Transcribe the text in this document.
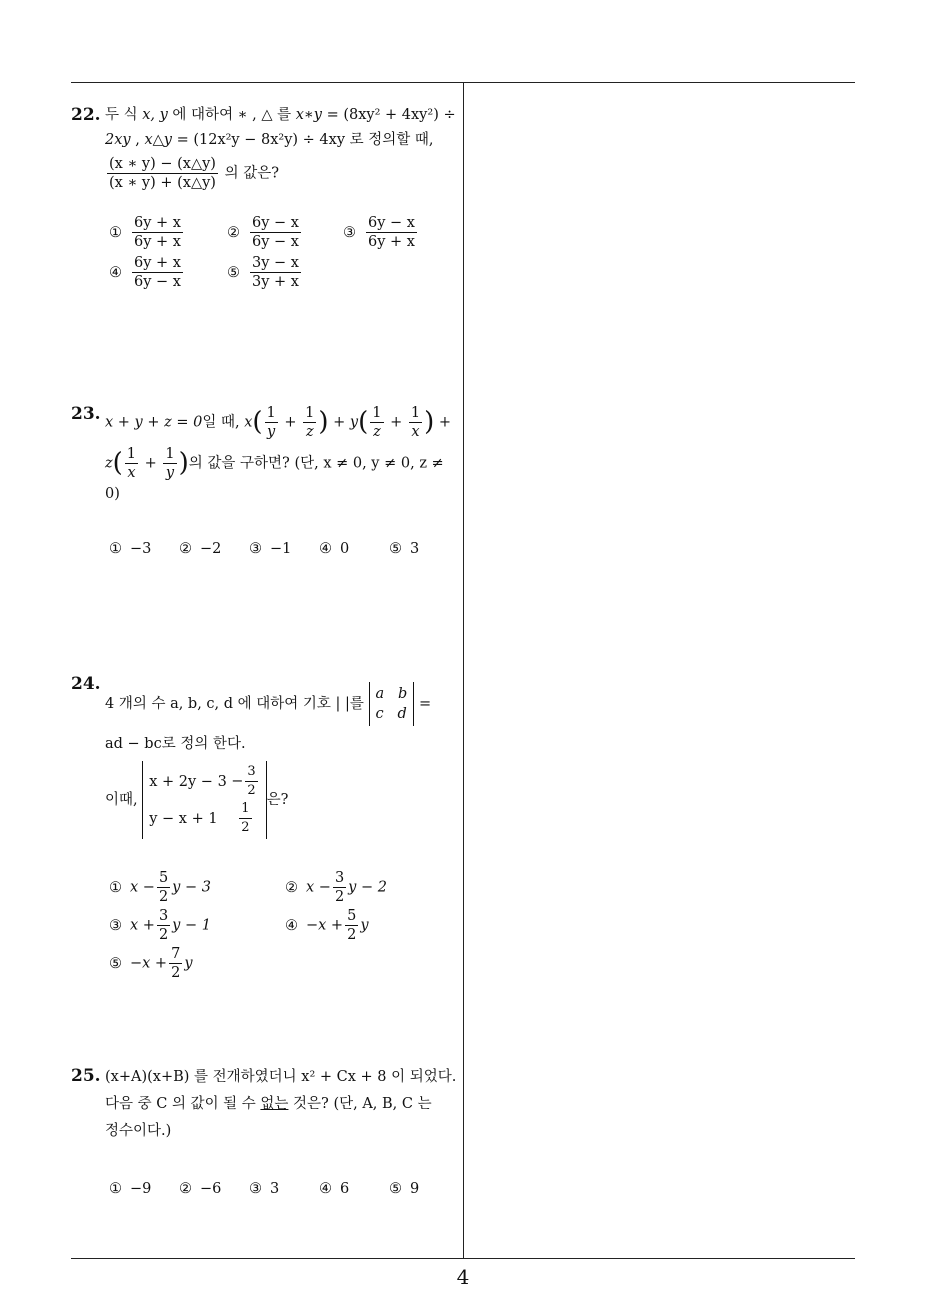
22. 두 식 x, y 에 대하여 ∗ , △ 를 x∗y = (8xy² + 4xy²) ÷
2xy , x△y = (12x²y − 8x²y) ÷ 4xy 로 정의할 때,
$\frac{(x ∗ y) - (x\triangle y)}{(x ∗ y) + (x\triangle y)}$ 의 값은?
① $\frac{6y + x}{6y + x}$	② $\frac{6y - x}{6y - x}$	③ $\frac{6y - x}{6y + x}$
④ $\frac{6y + x}{6y - x}$	⑤ $\frac{3y - x}{3y + x}$
23. x + y + z = 0일 때, $x( \frac{1}{y} + \frac{1}{z}$ ) + $y( \frac{1}{z} + \frac{1}{x}$ ) +
$z( \frac{1}{x} + \frac{1}{y}$ )의 값을 구하면? (단, x ≠ 0, y ≠ 0, z ≠
0)
① −3 ② −2 ③ −1 ④ 0	⑤ 3
24.
4 개의 수 a, b, c, d 에 대하여 기호 | |를 a b
c d =
ad − bc로 정의 한다.
이때, $x + 2y - 3 - \frac{3}{2}$

$y - x + 1 \frac{1}{2}$ 은?
① $x - \frac{5}{2}$ y − 3	② $x - \frac{3}{2}$ y − 2
③ $x + \frac{3}{2}$ y − 1	④ $-x + \frac{5}{2}$ y
⑤ $-x + \frac{7}{2}$ y
25. (x+A)(x+B) 를 전개하였더니 x² + Cx + 8 이 되었다.
다음 중 C 의 값이 될 수 없는 것은? (단, A, B, C 는
정수이다.)
① −9 ② −6 ③ 3	④ 6	⑤ 9
4
